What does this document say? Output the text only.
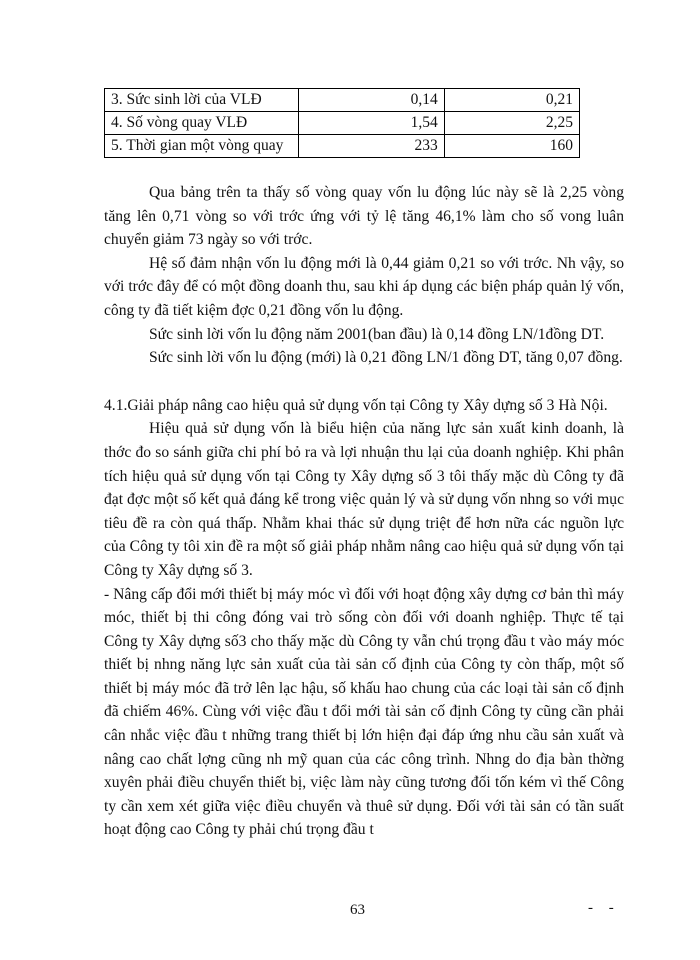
3. Sức sinh lời của VLĐ	0,14	0,21
4. Số vòng quay VLĐ	1,54	2,25
5. Thời gian một vòng quay	233	160

Qua bảng trên ta thấy số vòng quay vốn lu động lúc này sẽ là 2,25 vòng tăng lên 0,71 vòng so với trớc ứng với tỷ lệ tăng 46,1% làm cho số vong luân chuyển giảm 73 ngày so với trớc.

Hệ số đảm nhận vốn lu động mới là 0,44 giảm 0,21 so với trớc. Nh vậy, so với trớc đây để có một đồng doanh thu, sau khi áp dụng các biện pháp quản lý vốn, công ty đã tiết kiệm đợc 0,21 đồng vốn lu động.

Sức sinh lời vốn lu động năm 2001(ban đầu) là 0,14 đồng LN/1đồng DT.

Sức sinh lời vốn lu động (mới) là 0,21 đồng LN/1 đồng DT, tăng 0,07 đồng.

4.1.Giải pháp nâng cao hiệu quả sử dụng vốn tại Công ty Xây dựng số 3 Hà Nội.

Hiệu quả sử dụng vốn là biểu hiện của năng lực sản xuất kinh doanh, là thớc đo so sánh giữa chi phí bỏ ra và lợi nhuận thu lại của doanh nghiệp. Khi phân tích hiệu quả sử dụng vốn tại Công ty Xây dựng số 3 tôi thấy mặc dù Công ty đã đạt đợc một số kết quả đáng kể trong việc quản lý và sử dụng vốn nhng so với mục tiêu đề ra còn quá thấp. Nhằm khai thác sử dụng triệt để hơn nữa các nguồn lực của Công ty tôi xin đề ra một số giải pháp nhằm nâng cao hiệu quả sử dụng vốn tại Công ty Xây dựng số 3.

- Nâng cấp đổi mới thiết bị máy móc vì đối với hoạt động xây dựng cơ bản thì máy móc, thiết bị thi công đóng vai trò sống còn đối với doanh nghiệp. Thực tế tại Công ty Xây dựng số3 cho thấy mặc dù Công ty vẫn chú trọng đầu t vào máy móc thiết bị nhng năng lực sản xuất của tài sản cố định của Công ty còn thấp, một số thiết bị máy móc đã trở lên lạc hậu, số khấu hao chung của các loại tài sản cố định đã chiếm 46%. Cùng với việc đầu t đổi mới tài sản cố định Công ty cũng cần phải cân nhắc việc đầu t những trang thiết bị lớn hiện đại đáp ứng nhu cầu sản xuất và nâng cao chất lợng cũng nh mỹ quan của các công trình. Nhng do địa bàn thờng xuyên phải điều chuyển thiết bị, việc làm này cũng tương đối tốn kém vì thế Công ty cần xem xét giữa việc điều chuyển và thuê sử dụng. Đối với tài sản có tần suất hoạt động cao Công ty phải chú trọng đầu t

63	- -
